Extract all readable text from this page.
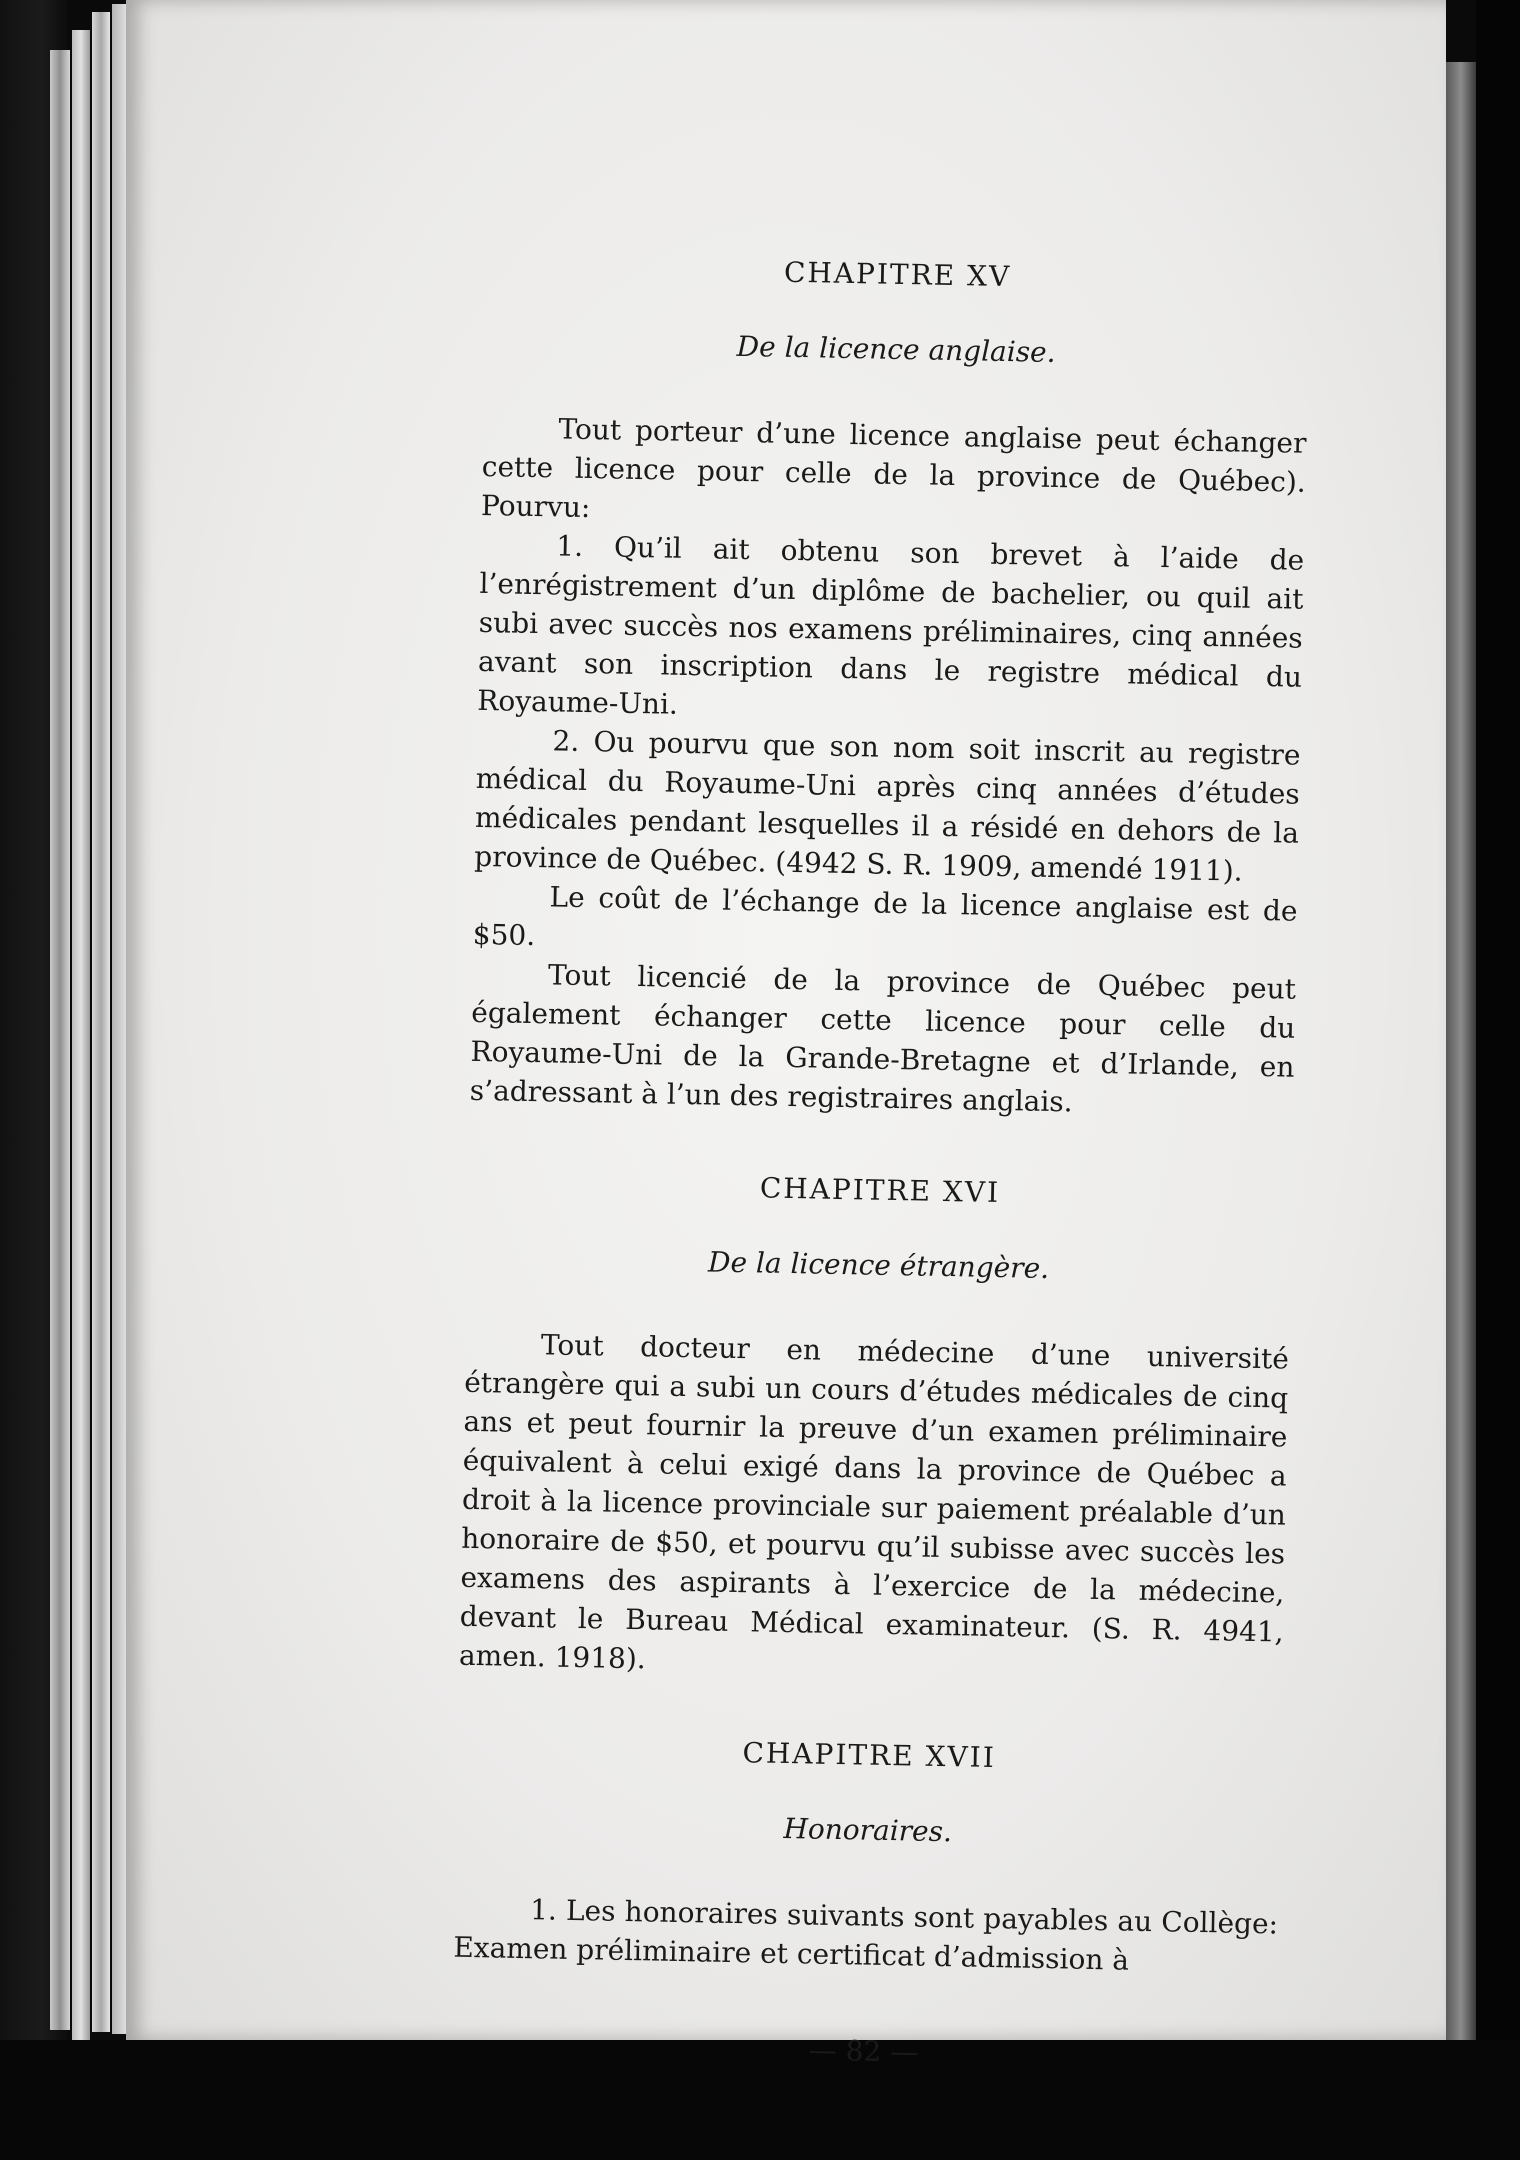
CHAPITRE XV
De la licence anglaise.

Tout porteur d’une licence anglaise peut échanger cette licence pour celle de la province de Québec). Pourvu:

1. Qu’il ait obtenu son brevet à l’aide de l’enrégistrement d’un diplôme de bachelier, ou quil ait subi avec succès nos examens préliminaires, cinq années avant son inscription dans le registre médical du Royaume-Uni.

2. Ou pourvu que son nom soit inscrit au registre médical du Royaume-Uni après cinq années d’études médicales pendant lesquelles il a résidé en dehors de la province de Québec. (4942 S. R. 1909, amendé 1911).

Le coût de l’échange de la licence anglaise est de $50.

Tout licencié de la province de Québec peut également échanger cette licence pour celle du Royaume-Uni de la Grande-Bretagne et d’Irlande, en s’adressant à l’un des registraires anglais.

CHAPITRE XVI
De la licence étrangère.

Tout docteur en médecine d’une université étrangère qui a subi un cours d’études médicales de cinq ans et peut fournir la preuve d’un examen préliminaire équivalent à celui exigé dans la province de Québec a droit à la licence provinciale sur paiement préalable d’un honoraire de $50, et pourvu qu’il subisse avec succès les examens des aspirants à l’exercice de la médecine, devant le Bureau Médical examinateur. (S. R. 4941, amen. 1918).

CHAPITRE XVII
Honoraires.

1. Les honoraires suivants sont payables au Collège: Examen préliminaire et certificat d’admission à

— 82 —
